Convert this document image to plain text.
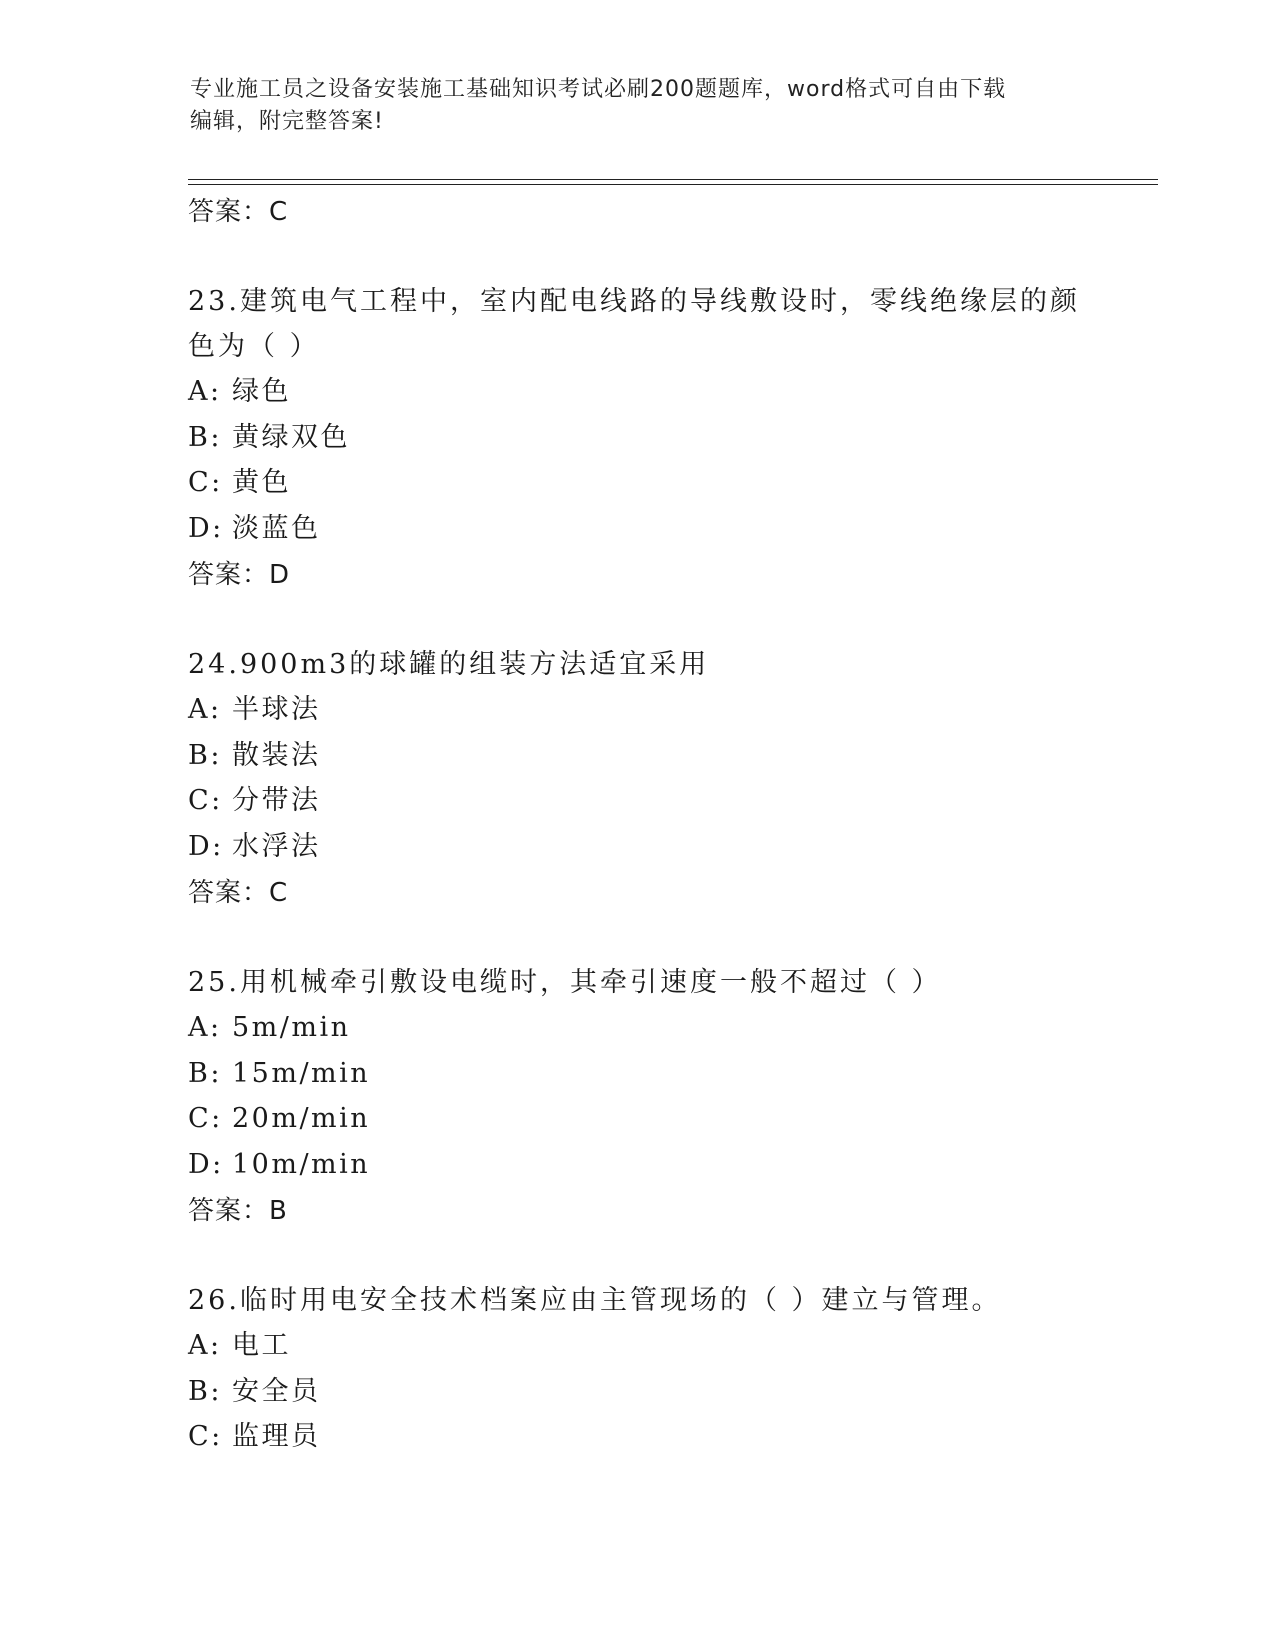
专业施工员之设备安装施工基础知识考试必刷200题题库，word格式可自由下载
编辑，附完整答案!
答案：C
23.建筑电气工程中，室内配电线路的导线敷设时，零线绝缘层的颜色为（ ）
A: 绿色
B: 黄绿双色
C: 黄色
D: 淡蓝色
答案：D
24.900m3的球罐的组装方法适宜采用
A: 半球法
B: 散装法
C: 分带法
D: 水浮法
答案：C
25.用机械牵引敷设电缆时，其牵引速度一般不超过（ ）
A: 5m/min
B: 15m/min
C: 20m/min
D: 10m/min
答案：B
26.临时用电安全技术档案应由主管现场的（ ）建立与管理。
A: 电工
B: 安全员
C: 监理员
